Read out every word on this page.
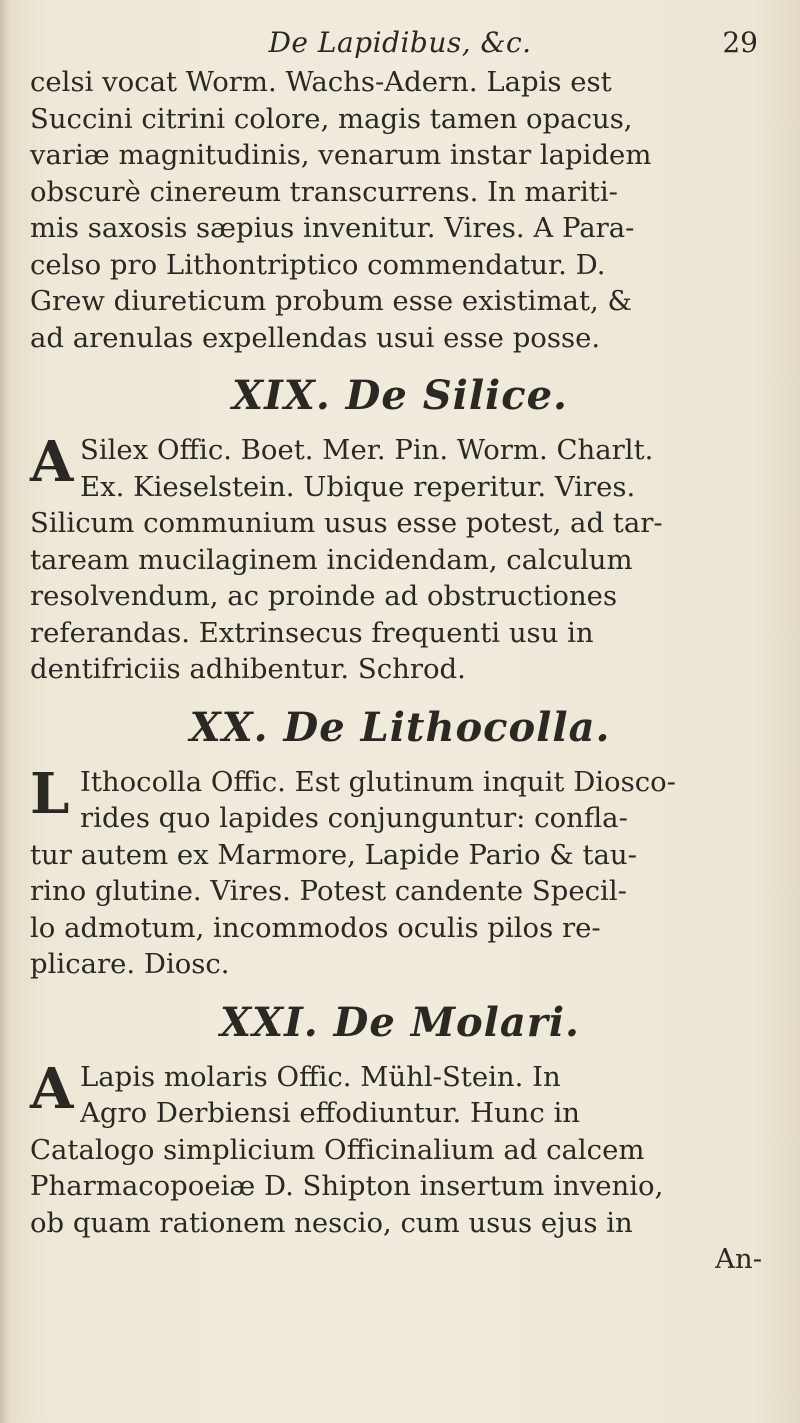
De Lapidibus, &c.	29
celsi vocat Worm. Wachs-Adern. Lapis est
Succini citrini colore, magis tamen opacus,
variæ magnitudinis, venarum instar lapidem
obscurè cinereum transcurrens. In mariti-
mis saxosis sæpius invenitur. Vires. A Para-
celso pro Lithontriptico commendatur. D.
Grew diureticum probum esse existimat, &
ad arenulas expellendas usui esse posse.
XIX. De Silice.
A Silex Offic. Boet. Mer. Pin. Worm. Charlt.
Ex. Kieselstein. Ubique reperitur. Vires.
Silicum communium usus esse potest, ad tar-
taream mucilaginem incidendam, calculum
resolvendum, ac proinde ad obstructiones
referandas. Extrinsecus frequenti usu in
dentifriciis adhibentur. Schrod.
XX. De Lithocolla.
L Ithocolla Offic. Est glutinum inquit Diosco-
rides quo lapides conjunguntur: confla-
tur autem ex Marmore, Lapide Pario & tau-
rino glutine. Vires. Potest candente Specil-
lo admotum, incommodos oculis pilos re-
plicare. Diosc.
XXI. De Molari.
A Lapis molaris Offic. Mühl-Stein. In
Agro Derbiensi effodiuntur. Hunc in
Catalogo simplicium Officinalium ad calcem
Pharmacopoeiæ D. Shipton insertum invenio,
ob quam rationem nescio, cum usus ejus in
An-
